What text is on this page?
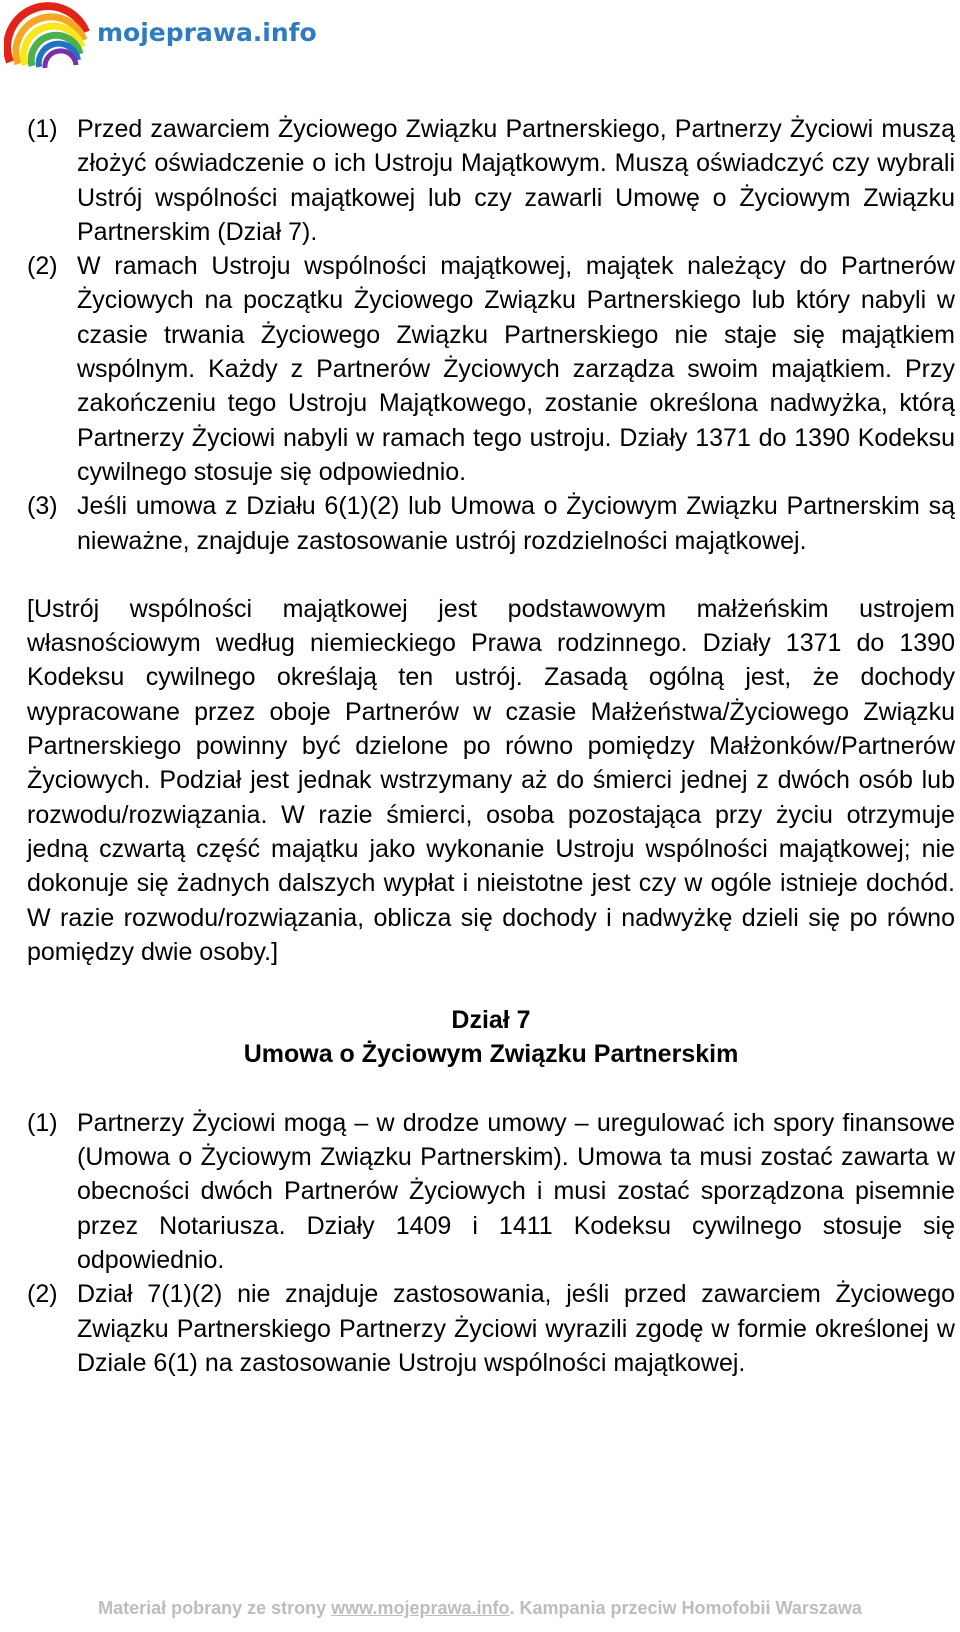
mojeprawa.info
(1) Przed zawarciem Życiowego Związku Partnerskiego, Partnerzy Życiowi muszą złożyć oświadczenie o ich Ustroju Majątkowym. Muszą oświadczyć czy wybrali Ustrój wspólności majątkowej lub czy zawarli Umowę o Życiowym Związku Partnerskim (Dział 7).

(2) W ramach Ustroju wspólności majątkowej, majątek należący do Partnerów Życiowych na początku Życiowego Związku Partnerskiego lub który nabyli w czasie trwania Życiowego Związku Partnerskiego nie staje się majątkiem wspólnym. Każdy z Partnerów Życiowych zarządza swoim majątkiem. Przy zakończeniu tego Ustroju Majątkowego, zostanie określona nadwyżka, którą Partnerzy Życiowi nabyli w ramach tego ustroju. Działy 1371 do 1390 Kodeksu cywilnego stosuje się odpowiednio.

(3) Jeśli umowa z Działu 6(1)(2) lub Umowa o Życiowym Związku Partnerskim są nieważne, znajduje zastosowanie ustrój rozdzielności majątkowej.

[Ustrój wspólności majątkowej jest podstawowym małżeńskim ustrojem własnościowym według niemieckiego Prawa rodzinnego. Działy 1371 do 1390 Kodeksu cywilnego określają ten ustrój. Zasadą ogólną jest, że dochody wypracowane przez oboje Partnerów w czasie Małżeństwa/Życiowego Związku Partnerskiego powinny być dzielone po równo pomiędzy Małżonków/Partnerów Życiowych. Podział jest jednak wstrzymany aż do śmierci jednej z dwóch osób lub rozwodu/rozwiązania. W razie śmierci, osoba pozostająca przy życiu otrzymuje jedną czwartą część majątku jako wykonanie Ustroju wspólności majątkowej; nie dokonuje się żadnych dalszych wypłat i nieistotne jest czy w ogóle istnieje dochód. W razie rozwodu/rozwiązania, oblicza się dochody i nadwyżkę dzieli się po równo pomiędzy dwie osoby.]

Dział 7
Umowa o Życiowym Związku Partnerskim
(1) Partnerzy Życiowi mogą – w drodze umowy – uregulować ich spory finansowe (Umowa o Życiowym Związku Partnerskim). Umowa ta musi zostać zawarta w obecności dwóch Partnerów Życiowych i musi zostać sporządzona pisemnie przez Notariusza. Działy 1409 i 1411 Kodeksu cywilnego stosuje się odpowiednio.

(2) Dział 7(1)(2) nie znajduje zastosowania, jeśli przed zawarciem Życiowego Związku Partnerskiego Partnerzy Życiowi wyrazili zgodę w formie określonej w Dziale 6(1) na zastosowanie Ustroju wspólności majątkowej.

Materiał pobrany ze strony www.mojeprawa.info. Kampania przeciw Homofobii Warszawa
